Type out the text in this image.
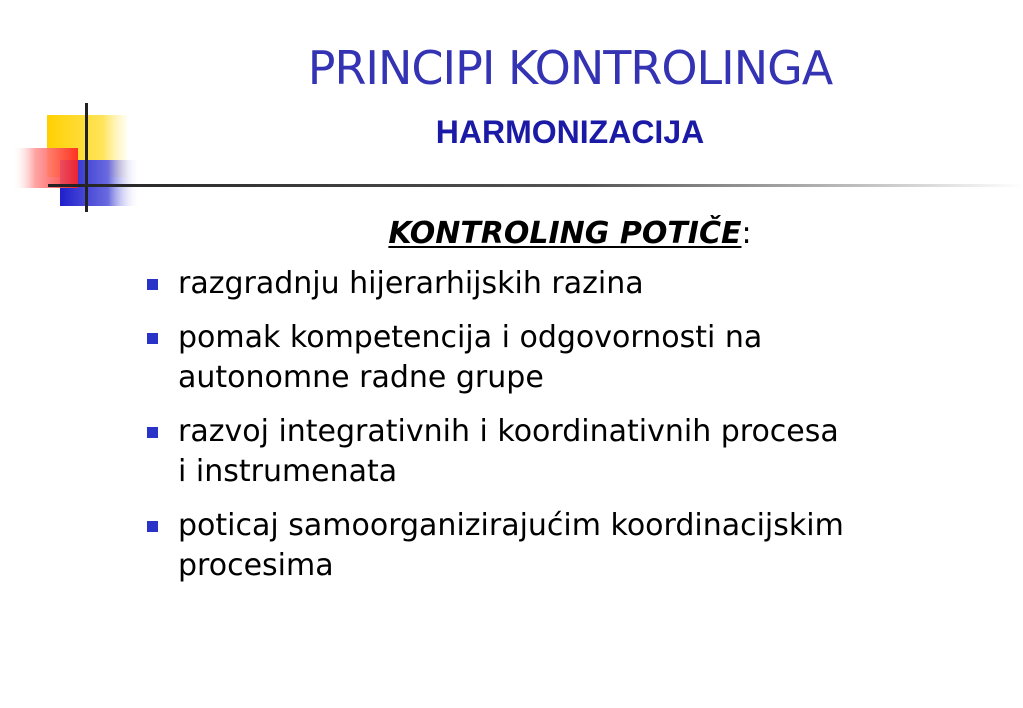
PRINCIPI KONTROLINGA
HARMONIZACIJA
KONTROLING POTIČE:
razgradnju hijerarhijskih razina
pomak kompetencija i odgovornosti na
autonomne radne grupe
razvoj integrativnih i koordinativnih procesa
i instrumenata
poticaj samoorganizirajućim koordinacijskim
procesima
